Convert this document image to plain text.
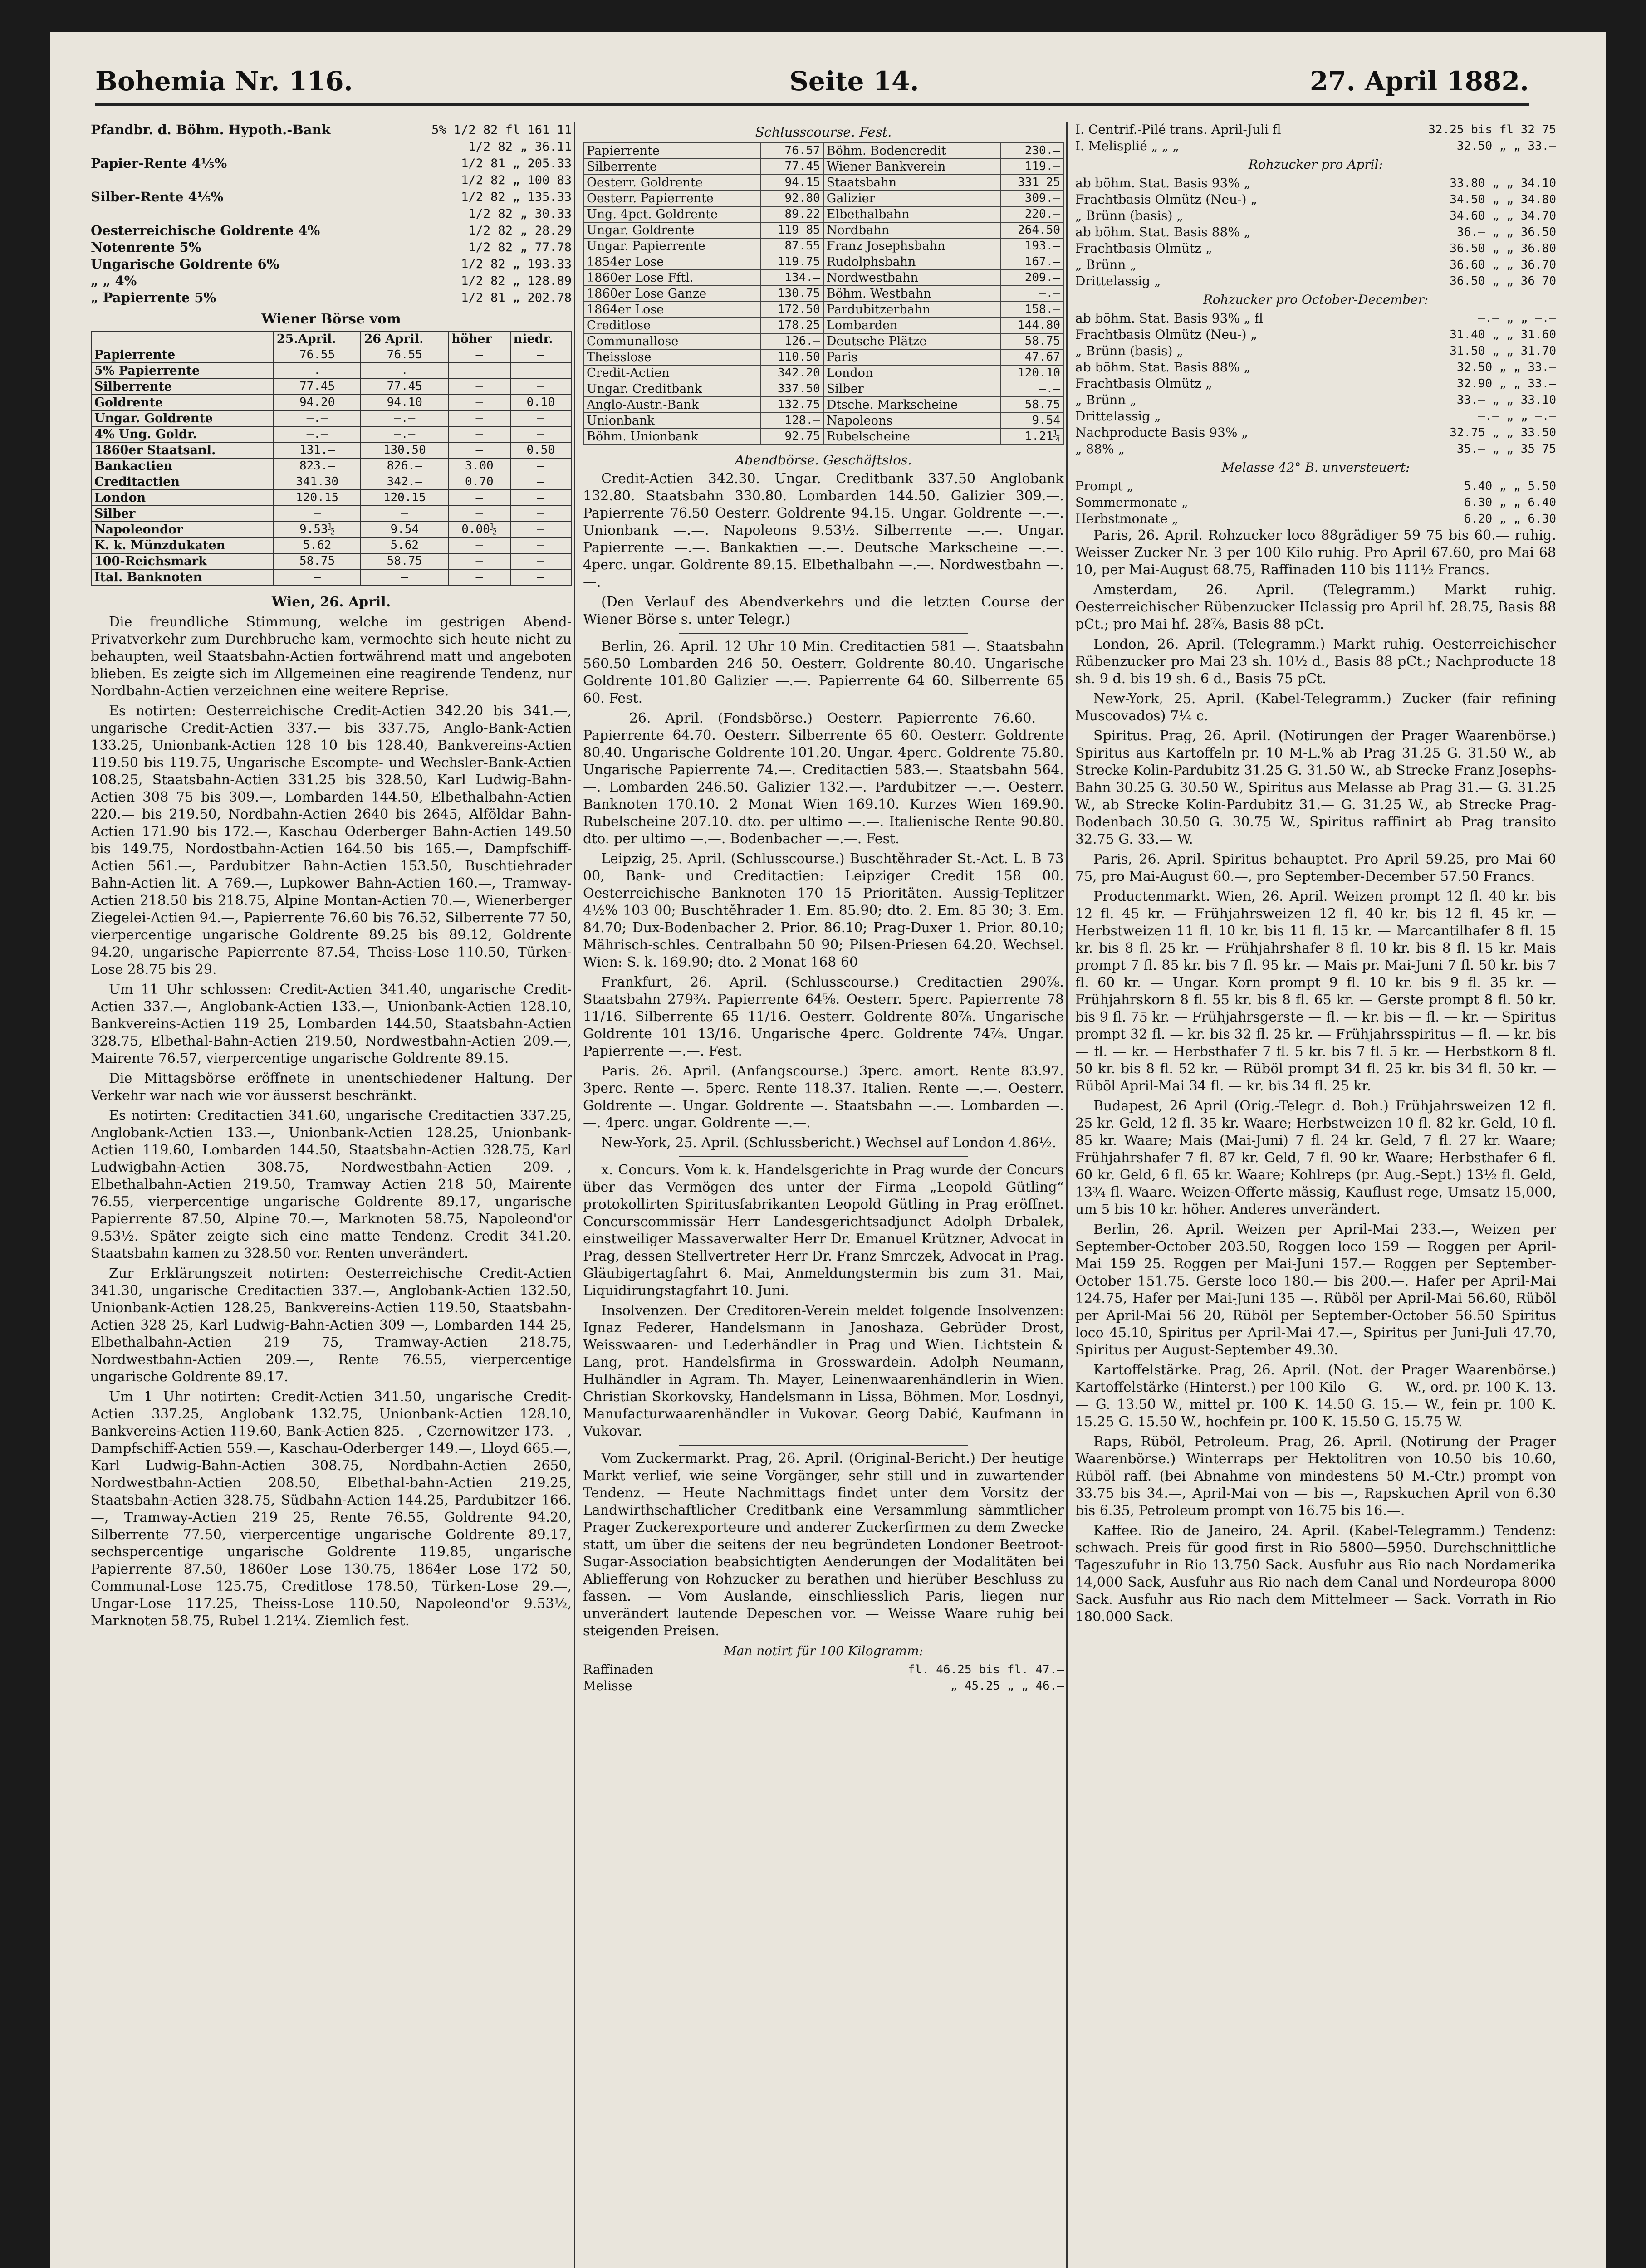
Bohemia Nr. 116.	Seite 14.	27. April 1882.
Pfandbr. d. Böhm. Hypoth.-Bank	5% 1/2 82 fl 161 11
1/2 82 „ 36.11
Papier-Rente 4⅕%	1/2 81 „ 205.33
1/2 82 „ 100 83
Silber-Rente 4⅕%	1/2 82 „ 135.33
1/2 82 „ 30.33
Oesterreichische Goldrente 4%	1/2 82 „ 28.29
Notenrente 5%	1/2 82 „ 77.78
Ungarische Goldrente 6%	1/2 82 „ 193.33
„ „ 4%	1/2 82 „ 128.89
„ Papierrente 5%	1/2 81 „ 202.78
Wiener Börse vom
	25.April.	26 April.	höher	niedr.
Papierrente	76.55	76.55	—	—
5% Papierrente	—.—	—.—	—	—
Silberrente	77.45	77.45	—	—
Goldrente	94.20	94.10	—	0.10
Ungar. Goldrente	—.—	—.—	—	—
4% Ung. Goldr.	—.—	—.—	—	—
1860er Staatsanl.	131.—	130.50	—	0.50
Bankactien	823.—	826.—	3.00	—
Creditactien	341.30	342.—	0.70	—
London	120.15	120.15	—	—
Silber	—	—	—	—
Napoleondor	9.53½	9.54	0.00½	—
K. k. Münzdukaten	5.62	5.62	—	—
100-Reichsmark	58.75	58.75	—	—
Ital. Banknoten	—	—	—	—
Wien, 26. April.

Die freundliche Stimmung, welche im gestrigen Abend-Privatverkehr zum Durchbruche kam, vermochte sich heute nicht zu behaupten, weil Staatsbahn-Actien fortwährend matt und angeboten blieben. Es zeigte sich im Allgemeinen eine reagirende Tendenz, nur Nordbahn-Actien verzeichnen eine weitere Reprise.

Es notirten: Oesterreichische Credit-Actien 342.20 bis 341.—, ungarische Credit-Actien 337.— bis 337.75, Anglo-Bank-Actien 133.25, Unionbank-Actien 128 10 bis 128.40, Bankvereins-Actien 119.50 bis 119.75, Ungarische Escompte- und Wechsler-Bank-Actien 108.25, Staatsbahn-Actien 331.25 bis 328.50, Karl Ludwig-Bahn-Actien 308 75 bis 309.—, Lombarden 144.50, Elbethalbahn-Actien 220.— bis 219.50, Nordbahn-Actien 2640 bis 2645, Alföldar Bahn-Actien 171.90 bis 172.—, Kaschau Oderberger Bahn-Actien 149.50 bis 149.75, Nordostbahn-Actien 164.50 bis 165.—, Dampfschiff-Actien 561.—, Pardubitzer Bahn-Actien 153.50, Buschtiehrader Bahn-Actien lit. A 769.—, Lupkower Bahn-Actien 160.—, Tramway-Actien 218.50 bis 218.75, Alpine Montan-Actien 70.—, Wienerberger Ziegelei-Actien 94.—, Papierrente 76.60 bis 76.52, Silberrente 77 50, vierpercentige ungarische Goldrente 89.25 bis 89.12, Goldrente 94.20, ungarische Papierrente 87.54, Theiss-Lose 110.50, Türken-Lose 28.75 bis 29.

Um 11 Uhr schlossen: Credit-Actien 341.40, ungarische Credit-Actien 337.—, Anglobank-Actien 133.—, Unionbank-Actien 128.10, Bankvereins-Actien 119 25, Lombarden 144.50, Staatsbahn-Actien 328.75, Elbethal-Bahn-Actien 219.50, Nordwestbahn-Actien 209.—, Mairente 76.57, vierpercentige ungarische Goldrente 89.15.

Die Mittagsbörse eröffnete in unentschiedener Haltung. Der Verkehr war nach wie vor äusserst beschränkt.

Es notirten: Creditactien 341.60, ungarische Creditactien 337.25, Anglobank-Actien 133.—, Unionbank-Actien 128.25, Unionbank-Actien 119.60, Lombarden 144.50, Staatsbahn-Actien 328.75, Karl Ludwigbahn-Actien 308.75, Nordwestbahn-Actien 209.—, Elbethalbahn-Actien 219.50, Tramway Actien 218 50, Mairente 76.55, vierpercentige ungarische Goldrente 89.17, ungarische Papierrente 87.50, Alpine 70.—, Marknoten 58.75, Napoleond'or 9.53½. Später zeigte sich eine matte Tendenz. Credit 341.20. Staatsbahn kamen zu 328.50 vor. Renten unverändert.

Zur Erklärungszeit notirten: Oesterreichische Credit-Actien 341.30, ungarische Creditactien 337.—, Anglobank-Actien 132.50, Unionbank-Actien 128.25, Bankvereins-Actien 119.50, Staatsbahn-Actien 328 25, Karl Ludwig-Bahn-Actien 309 —, Lombarden 144 25, Elbethalbahn-Actien 219 75, Tramway-Actien 218.75, Nordwestbahn-Actien 209.—, Rente 76.55, vierpercentige ungarische Goldrente 89.17.

Um 1 Uhr notirten: Credit-Actien 341.50, ungarische Credit-Actien 337.25, Anglobank 132.75, Unionbank-Actien 128.10, Bankvereins-Actien 119.60, Bank-Actien 825.—, Czernowitzer 173.—, Dampfschiff-Actien 559.—, Kaschau-Oderberger 149.—, Lloyd 665.—, Karl Ludwig-Bahn-Actien 308.75, Nordbahn-Actien 2650, Nordwestbahn-Actien 208.50, Elbethal-bahn-Actien 219.25, Staatsbahn-Actien 328.75, Südbahn-Actien 144.25, Pardubitzer 166.—, Tramway-Actien 219 25, Rente 76.55, Goldrente 94.20, Silberrente 77.50, vierpercentige ungarische Goldrente 89.17, sechspercentige ungarische Goldrente 119.85, ungarische Papierrente 87.50, 1860er Lose 130.75, 1864er Lose 172 50, Communal-Lose 125.75, Creditlose 178.50, Türken-Lose 29.—, Ungar-Lose 117.25, Theiss-Lose 110.50, Napoleond'or 9.53½, Marknoten 58.75, Rubel 1.21¼. Ziemlich fest.

Schlusscourse. Fest.
Papierrente	76.57	Böhm. Bodencredit	230.—
Silberrente	77.45	Wiener Bankverein	119.—
Oesterr. Goldrente	94.15	Staatsbahn	331 25
Oesterr. Papierrente	92.80	Galizier	309.—
Ung. 4pct. Goldrente	89.22	Elbethalbahn	220.—
Ungar. Goldrente	119 85	Nordbahn	264.50
Ungar. Papierrente	87.55	Franz Josephsbahn	193.—
1854er Lose	119.75	Rudolphsbahn	167.—
1860er Lose Fftl.	134.—	Nordwestbahn	209.—
1860er Lose Ganze	130.75	Böhm. Westbahn	—.—
1864er Lose	172.50	Pardubitzerbahn	158.—
Creditlose	178.25	Lombarden	144.80
Communallose	126.—	Deutsche Plätze	58.75
Theisslose	110.50	Paris	47.67
Credit-Actien	342.20	London	120.10
Ungar. Creditbank	337.50	Silber	—.—
Anglo-Austr.-Bank	132.75	Dtsche. Markscheine	58.75
Unionbank	128.—	Napoleons	9.54
Böhm. Unionbank	92.75	Rubelscheine	1.21¼
Abendbörse. Geschäftslos.

Credit-Actien 342.30. Ungar. Creditbank 337.50 Anglobank 132.80. Staatsbahn 330.80. Lombarden 144.50. Galizier 309.—. Papierrente 76.50 Oesterr. Goldrente 94.15. Ungar. Goldrente —.—. Unionbank —.—. Napoleons 9.53½. Silberrente —.—. Ungar. Papierrente —.—. Bankaktien —.—. Deutsche Markscheine —.—. 4perc. ungar. Goldrente 89.15. Elbethalbahn —.—. Nordwestbahn —.—.

(Den Verlauf des Abendverkehrs und die letzten Course der Wiener Börse s. unter Telegr.)

Berlin, 26. April. 12 Uhr 10 Min. Creditactien 581 —. Staatsbahn 560.50 Lombarden 246 50. Oesterr. Goldrente 80.40. Ungarische Goldrente 101.80 Galizier —.—. Papierrente 64 60. Silberrente 65 60. Fest.

— 26. April. (Fondsbörse.) Oesterr. Papierrente 76.60. — Papierrente 64.70. Oesterr. Silberrente 65 60. Oesterr. Goldrente 80.40. Ungarische Goldrente 101.20. Ungar. 4perc. Goldrente 75.80. Ungarische Papierrente 74.—. Creditactien 583.—. Staatsbahn 564.—. Lombarden 246.50. Galizier 132.—. Pardubitzer —.—. Oesterr. Banknoten 170.10. 2 Monat Wien 169.10. Kurzes Wien 169.90. Rubelscheine 207.10. dto. per ultimo —.—. Italienische Rente 90.80. dto. per ultimo —.—. Bodenbacher —.—. Fest.

Leipzig, 25. April. (Schlusscourse.) Buschtěhrader St.-Act. L. B 73 00, Bank- und Creditactien: Leipziger Credit 158 00. Oesterreichische Banknoten 170 15 Prioritäten. Aussig-Teplitzer 4½% 103 00; Buschtěhrader 1. Em. 85.90; dto. 2. Em. 85 30; 3. Em. 84.70; Dux-Bodenbacher 2. Prior. 86.10; Prag-Duxer 1. Prior. 80.10; Mährisch-schles. Centralbahn 50 90; Pilsen-Priesen 64.20. Wechsel. Wien: S. k. 169.90; dto. 2 Monat 168 60

Frankfurt, 26. April. (Schlusscourse.) Creditactien 290⅞. Staatsbahn 279¾. Papierrente 64⅝. Oesterr. 5perc. Papierrente 78 11/16. Silberrente 65 11/16. Oesterr. Goldrente 80⅞. Ungarische Goldrente 101 13/16. Ungarische 4perc. Goldrente 74⅞. Ungar. Papierrente —.—. Fest.

Paris. 26. April. (Anfangscourse.) 3perc. amort. Rente 83.97. 3perc. Rente —. 5perc. Rente 118.37. Italien. Rente —.—. Oesterr. Goldrente —. Ungar. Goldrente —. Staatsbahn —.—. Lombarden —.—. 4perc. ungar. Goldrente —.—.

New-York, 25. April. (Schlussbericht.) Wechsel auf London 4.86½.

x. Concurs. Vom k. k. Handelsgerichte in Prag wurde der Concurs über das Vermögen des unter der Firma „Leopold Gütling“ protokollirten Spiritusfabrikanten Leopold Gütling in Prag eröffnet. Concurscommissär Herr Landesgerichtsadjunct Adolph Drbalek, einstweiliger Massaverwalter Herr Dr. Emanuel Krützner, Advocat in Prag, dessen Stellvertreter Herr Dr. Franz Smrczek, Advocat in Prag. Gläubigertagfahrt 6. Mai, Anmeldungstermin bis zum 31. Mai, Liquidirungstagfahrt 10. Juni.

Insolvenzen. Der Creditoren-Verein meldet folgende Insolvenzen: Ignaz Federer, Handelsmann in Janoshaza. Gebrüder Drost, Weisswaaren- und Lederhändler in Prag und Wien. Lichtstein & Lang, prot. Handelsfirma in Grosswardein. Adolph Neumann, Hulhändler in Agram. Th. Mayer, Leinenwaarenhändlerin in Wien. Christian Skorkovsky, Handelsmann in Lissa, Böhmen. Mor. Losdnyi, Manufacturwaarenhändler in Vukovar. Georg Dabić, Kaufmann in Vukovar.

Vom Zuckermarkt. Prag, 26. April. (Original-Bericht.) Der heutige Markt verlief, wie seine Vorgänger, sehr still und in zuwartender Tendenz. — Heute Nachmittags findet unter dem Vorsitz der Landwirthschaftlicher Creditbank eine Versammlung sämmtlicher Prager Zuckerexporteure und anderer Zuckerfirmen zu dem Zwecke statt, um über die seitens der neu begründeten Londoner Beetroot-Sugar-Association beabsichtigten Aenderungen der Modalitäten bei Abliefferung von Rohzucker zu berathen und hierüber Beschluss zu fassen. — Vom Auslande, einschliesslich Paris, liegen nur unverändert lautende Depeschen vor. — Weisse Waare ruhig bei steigenden Preisen.

Man notirt für 100 Kilogramm:
Raffinaden	fl. 46.25 bis fl. 47.—
Melisse	„ 45.25 „ „ 46.—
I. Centrif.-Pilé trans. April-Juli fl	32.25 bis fl 32 75
I. Melisplié „ „ „	32.50 „ „ 33.—
Rohzucker pro April:
ab böhm. Stat. Basis 93% „	33.80 „ „ 34.10
Frachtbasis Olmütz (Neu-) „	34.50 „ „ 34.80
„ Brünn (basis) „	34.60 „ „ 34.70
ab böhm. Stat. Basis 88% „	36.— „ „ 36.50
Frachtbasis Olmütz „	36.50 „ „ 36.80
„ Brünn „	36.60 „ „ 36.70
Drittelassig „	36.50 „ „ 36 70
Rohzucker pro October-December:
ab böhm. Stat. Basis 93% „ fl	—.— „ „ —.—
Frachtbasis Olmütz (Neu-) „	31.40 „ „ 31.60
„ Brünn (basis) „	31.50 „ „ 31.70
ab böhm. Stat. Basis 88% „	32.50 „ „ 33.—
Frachtbasis Olmütz „	32.90 „ „ 33.—
„ Brünn „	33.— „ „ 33.10
Drittelassig „	—.— „ „ —.—
Nachproducte Basis 93% „	32.75 „ „ 33.50
„ 88% „	35.— „ „ 35 75
Melasse 42° B. unversteuert:
Prompt „	5.40 „ „ 5.50
Sommermonate „	6.30 „ „ 6.40
Herbstmonate „	6.20 „ „ 6.30

Paris, 26. April. Rohzucker loco 88grädiger 59 75 bis 60.— ruhig. Weisser Zucker Nr. 3 per 100 Kilo ruhig. Pro April 67.60, pro Mai 68 10, per Mai-August 68.75, Raffinaden 110 bis 111½ Francs.

Amsterdam, 26. April. (Telegramm.) Markt ruhig. Oesterreichischer Rübenzucker IIclassig pro April hf. 28.75, Basis 88 pCt.; pro Mai hf. 28⅞, Basis 88 pCt.

London, 26. April. (Telegramm.) Markt ruhig. Oesterreichischer Rübenzucker pro Mai 23 sh. 10½ d., Basis 88 pCt.; Nachproducte 18 sh. 9 d. bis 19 sh. 6 d., Basis 75 pCt.

New-York, 25. April. (Kabel-Telegramm.) Zucker (fair refining Muscovados) 7¼ c.

Spiritus. Prag, 26. April. (Notirungen der Prager Waarenbörse.) Spiritus aus Kartoffeln pr. 10 M-L.% ab Prag 31.25 G. 31.50 W., ab Strecke Kolin-Pardubitz 31.25 G. 31.50 W., ab Strecke Franz Josephs-Bahn 30.25 G. 30.50 W., Spiritus aus Melasse ab Prag 31.— G. 31.25 W., ab Strecke Kolin-Pardubitz 31.— G. 31.25 W., ab Strecke Prag-Bodenbach 30.50 G. 30.75 W., Spiritus raffinirt ab Prag transito 32.75 G. 33.— W.

Paris, 26. April. Spiritus behauptet. Pro April 59.25, pro Mai 60 75, pro Mai-August 60.—, pro September-December 57.50 Francs.

Productenmarkt. Wien, 26. April. Weizen prompt 12 fl. 40 kr. bis 12 fl. 45 kr. — Frühjahrsweizen 12 fl. 40 kr. bis 12 fl. 45 kr. — Herbstweizen 11 fl. 10 kr. bis 11 fl. 15 kr. — Marcantilhafer 8 fl. 15 kr. bis 8 fl. 25 kr. — Frühjahrshafer 8 fl. 10 kr. bis 8 fl. 15 kr. Mais prompt 7 fl. 85 kr. bis 7 fl. 95 kr. — Mais pr. Mai-Juni 7 fl. 50 kr. bis 7 fl. 60 kr. — Ungar. Korn prompt 9 fl. 10 kr. bis 9 fl. 35 kr. — Frühjahrskorn 8 fl. 55 kr. bis 8 fl. 65 kr. — Gerste prompt 8 fl. 50 kr. bis 9 fl. 75 kr. — Frühjahrsgerste — fl. — kr. bis — fl. — kr. — Spiritus prompt 32 fl. — kr. bis 32 fl. 25 kr. — Frühjahrsspiritus — fl. — kr. bis — fl. — kr. — Herbsthafer 7 fl. 5 kr. bis 7 fl. 5 kr. — Herbstkorn 8 fl. 50 kr. bis 8 fl. 52 kr. — Rüböl prompt 34 fl. 25 kr. bis 34 fl. 50 kr. — Rüböl April-Mai 34 fl. — kr. bis 34 fl. 25 kr.

Budapest, 26 April (Orig.-Telegr. d. Boh.) Frühjahrsweizen 12 fl. 25 kr. Geld, 12 fl. 35 kr. Waare; Herbstweizen 10 fl. 82 kr. Geld, 10 fl. 85 kr. Waare; Mais (Mai-Juni) 7 fl. 24 kr. Geld, 7 fl. 27 kr. Waare; Frühjahrshafer 7 fl. 87 kr. Geld, 7 fl. 90 kr. Waare; Herbsthafer 6 fl. 60 kr. Geld, 6 fl. 65 kr. Waare; Kohlreps (pr. Aug.-Sept.) 13½ fl. Geld, 13¾ fl. Waare. Weizen-Offerte mässig, Kauflust rege, Umsatz 15,000, um 5 bis 10 kr. höher. Anderes unverändert.

Berlin, 26. April. Weizen per April-Mai 233.—, Weizen per September-October 203.50, Roggen loco 159 — Roggen per April-Mai 159 25. Roggen per Mai-Juni 157.— Roggen per September-October 151.75. Gerste loco 180.— bis 200.—. Hafer per April-Mai 124.75, Hafer per Mai-Juni 135 —. Rüböl per April-Mai 56.60, Rüböl per April-Mai 56 20, Rüböl per September-October 56.50 Spiritus loco 45.10, Spiritus per April-Mai 47.—, Spiritus per Juni-Juli 47.70, Spiritus per August-September 49.30.

Kartoffelstärke. Prag, 26. April. (Not. der Prager Waarenbörse.) Kartoffelstärke (Hinterst.) per 100 Kilo — G. — W., ord. pr. 100 K. 13.— G. 13.50 W., mittel pr. 100 K. 14.50 G. 15.— W., fein pr. 100 K. 15.25 G. 15.50 W., hochfein pr. 100 K. 15.50 G. 15.75 W.

Raps, Rüböl, Petroleum. Prag, 26. April. (Notirung der Prager Waarenbörse.) Winterraps per Hektolitren von 10.50 bis 10.60, Rüböl raff. (bei Abnahme von mindestens 50 M.-Ctr.) prompt von 33.75 bis 34.—, April-Mai von — bis —, Rapskuchen April von 6.30 bis 6.35, Petroleum prompt von 16.75 bis 16.—.

Kaffee. Rio de Janeiro, 24. April. (Kabel-Telegramm.) Tendenz: schwach. Preis für good first in Rio 5800—5950. Durchschnittliche Tageszufuhr in Rio 13.750 Sack. Ausfuhr aus Rio nach Nordamerika 14,000 Sack, Ausfuhr aus Rio nach dem Canal und Nordeuropa 8000 Sack. Ausfuhr aus Rio nach dem Mittelmeer — Sack. Vorrath in Rio 180.000 Sack.
